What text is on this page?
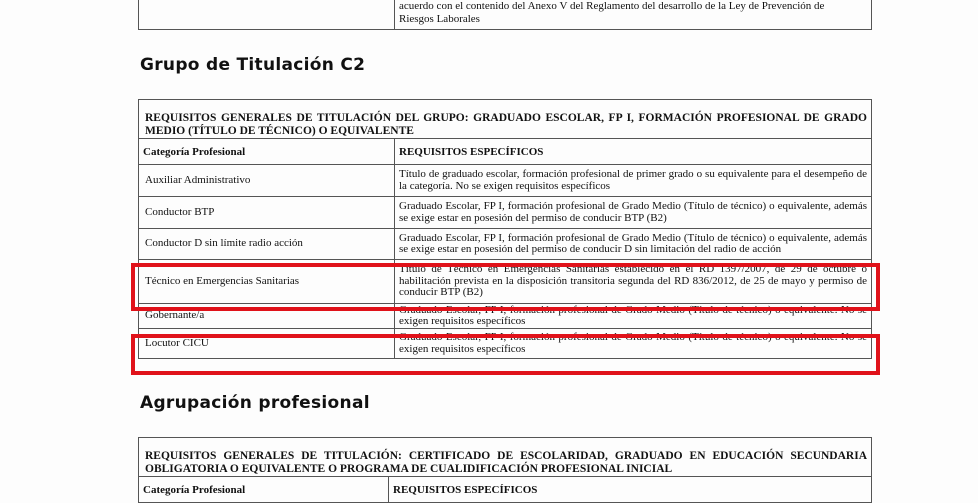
acuerdo con el contenido del Anexo V del Reglamento del desarrollo de la Ley de Prevención de
Riesgos Laborales
Grupo de Titulación C2
REQUISITOS GENERALES DE TITULACIÓN DEL GRUPO: GRADUADO ESCOLAR, FP I, FORMACIÓN PROFESIONAL DE GRADO MEDIO (TÍTULO DE TÉCNICO) O EQUIVALENTE	
Categoría Profesional	REQUISITOS ESPECÍFICOS
Auxiliar Administrativo	Título de graduado escolar, formación profesional de primer grado o su equivalente para el desempeño de la categoría. No se exigen requisitos específicos
Conductor BTP	Graduado Escolar, FP I, formación profesional de Grado Medio (Título de técnico) o equivalente, además se exige estar en posesión del permiso de conducir BTP (B2)
Conductor D sin límite radio acción	Graduado Escolar, FP I, formación profesional de Grado Medio (Título de técnico) o equivalente, además se exige estar en posesión del permiso de conducir D sin limitación del radio de acción
Técnico en Emergencias Sanitarias	Título de Técnico en Emergencias Sanitarias establecido en el RD 1397/2007, de 29 de octubre o habilitación prevista en la disposición transitoria segunda del RD 836/2012, de 25 de mayo y permiso de conducir BTP (B2)
Gobernante/a	Graduado Escolar, FP I, formación profesional de Grado Medio (Título de técnico) o equivalente. No se exigen requisitos específicos
Locutor CICU	Graduado Escolar, FP I, formación profesional de Grado Medio (Título de técnico) o equivalente. No se exigen requisitos específicos
Agrupación profesional
REQUISITOS GENERALES DE TITULACIÓN: CERTIFICADO DE ESCOLARIDAD, GRADUADO EN EDUCACIÓN SECUNDARIA OBLIGATORIA O EQUIVALENTE O PROGRAMA DE CUALIDIFICACIÓN PROFESIONAL INICIAL
Categoría Profesional	REQUISITOS ESPECÍFICOS
